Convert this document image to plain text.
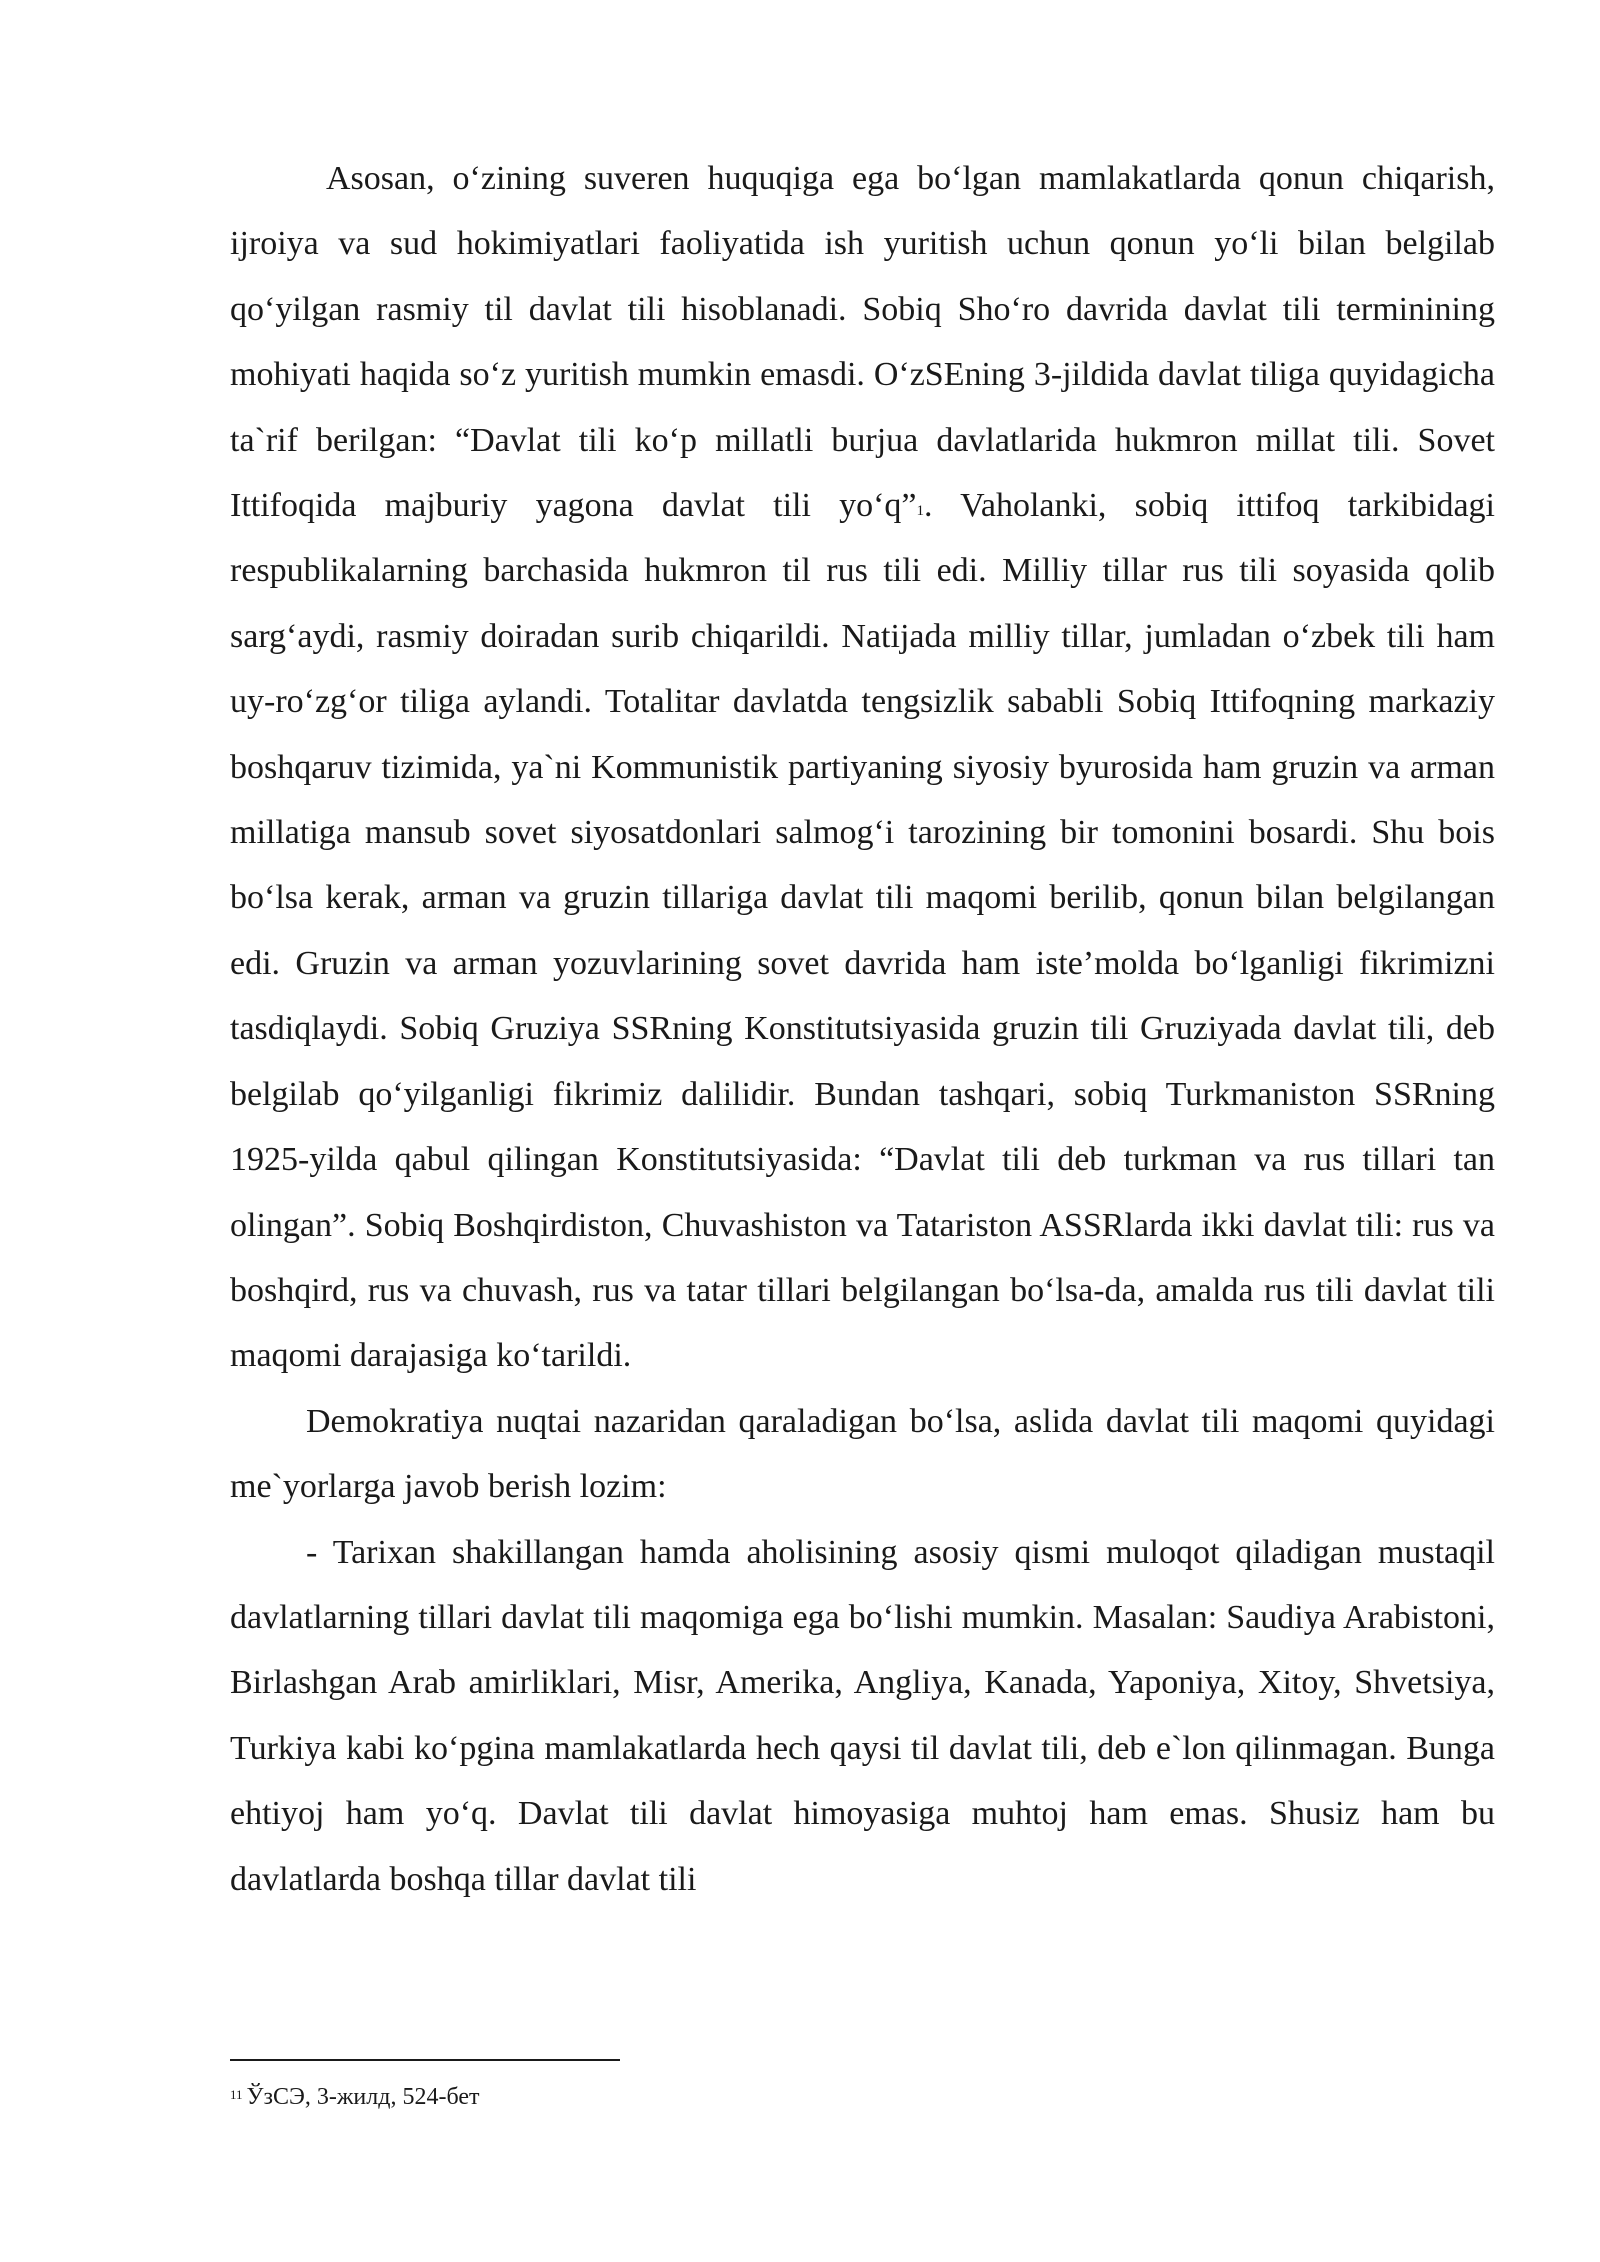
Asosan, o‘zining suveren huquqiga ega bo‘lgan mamlakatlarda qonun chiqarish, ijroiya va sud hokimiyatlari faoliyatida ish yuritish uchun qonun yo‘li bilan belgilab qo‘yilgan rasmiy til davlat tili hisoblanadi. Sobiq Sho‘ro davrida davlat tili terminining mohiyati haqida so‘z yuritish mumkin emasdi. O‘zSEning 3-jildida davlat tiliga quyidagicha ta`rif berilgan: “Davlat tili ko‘p millatli burjua davlatlarida hukmron millat tili. Sovet Ittifoqida majburiy yagona davlat tili yo‘q”$^1$. Vaholanki, sobiq ittifoq tarkibidagi respublikalarning barchasida hukmron til rus tili edi. Milliy tillar rus tili soyasida qolib sarg‘aydi, rasmiy doiradan surib chiqarildi. Natijada milliy tillar, jumladan o‘zbek tili ham uy-ro‘zg‘or tiliga aylandi. Totalitar davlatda tengsizlik sababli Sobiq Ittifoqning markaziy boshqaruv tizimida, ya`ni Kommunistik partiyaning siyosiy byurosida ham gruzin va arman millatiga mansub sovet siyosatdonlari salmog‘i tarozining bir tomonini bosardi. Shu bois bo‘lsa kerak, arman va gruzin tillariga davlat tili maqomi berilib, qonun bilan belgilangan edi. Gruzin va arman yozuvlarining sovet davrida ham iste’molda bo‘lganligi fikrimizni tasdiqlaydi. Sobiq Gruziya SSRning Konstitutsiyasida gruzin tili Gruziyada davlat tili, deb belgilab qo‘yilganligi fikrimiz dalilidir. Bundan tashqari, sobiq Turkmaniston SSRning 1925-yilda qabul qilingan Konstitutsiyasida: “Davlat tili deb turkman va rus tillari tan olingan”. Sobiq Boshqirdiston, Chuvashiston va Tatariston ASSRlarda ikki davlat tili: rus va boshqird, rus va chuvash, rus va tatar tillari belgilangan bo‘lsa-da, amalda rus tili davlat tili maqomi darajasiga ko‘tarildi.

Demokratiya nuqtai nazaridan qaraladigan bo‘lsa, aslida davlat tili maqomi quyidagi me`yorlarga javob berish lozim:

- Tarixan shakillangan hamda aholisining asosiy qismi muloqot qiladigan mustaqil davlatlarning tillari davlat tili maqomiga ega bo‘lishi mumkin. Masalan: Saudiya Arabistoni, Birlashgan Arab amirliklari, Misr, Amerika, Angliya, Kanada, Yaponiya, Xitoy, Shvetsiya, Turkiya kabi ko‘pgina mamlakatlarda hech qaysi til davlat tili, deb e`lon qilinmagan. Bunga ehtiyoj ham yo‘q. Davlat tili davlat himoyasiga muhtoj ham emas. Shusiz ham bu davlatlarda boshqa tillar davlat tili

$^{11}$ ЎзСЭ, 3-жилд, 524-бет
